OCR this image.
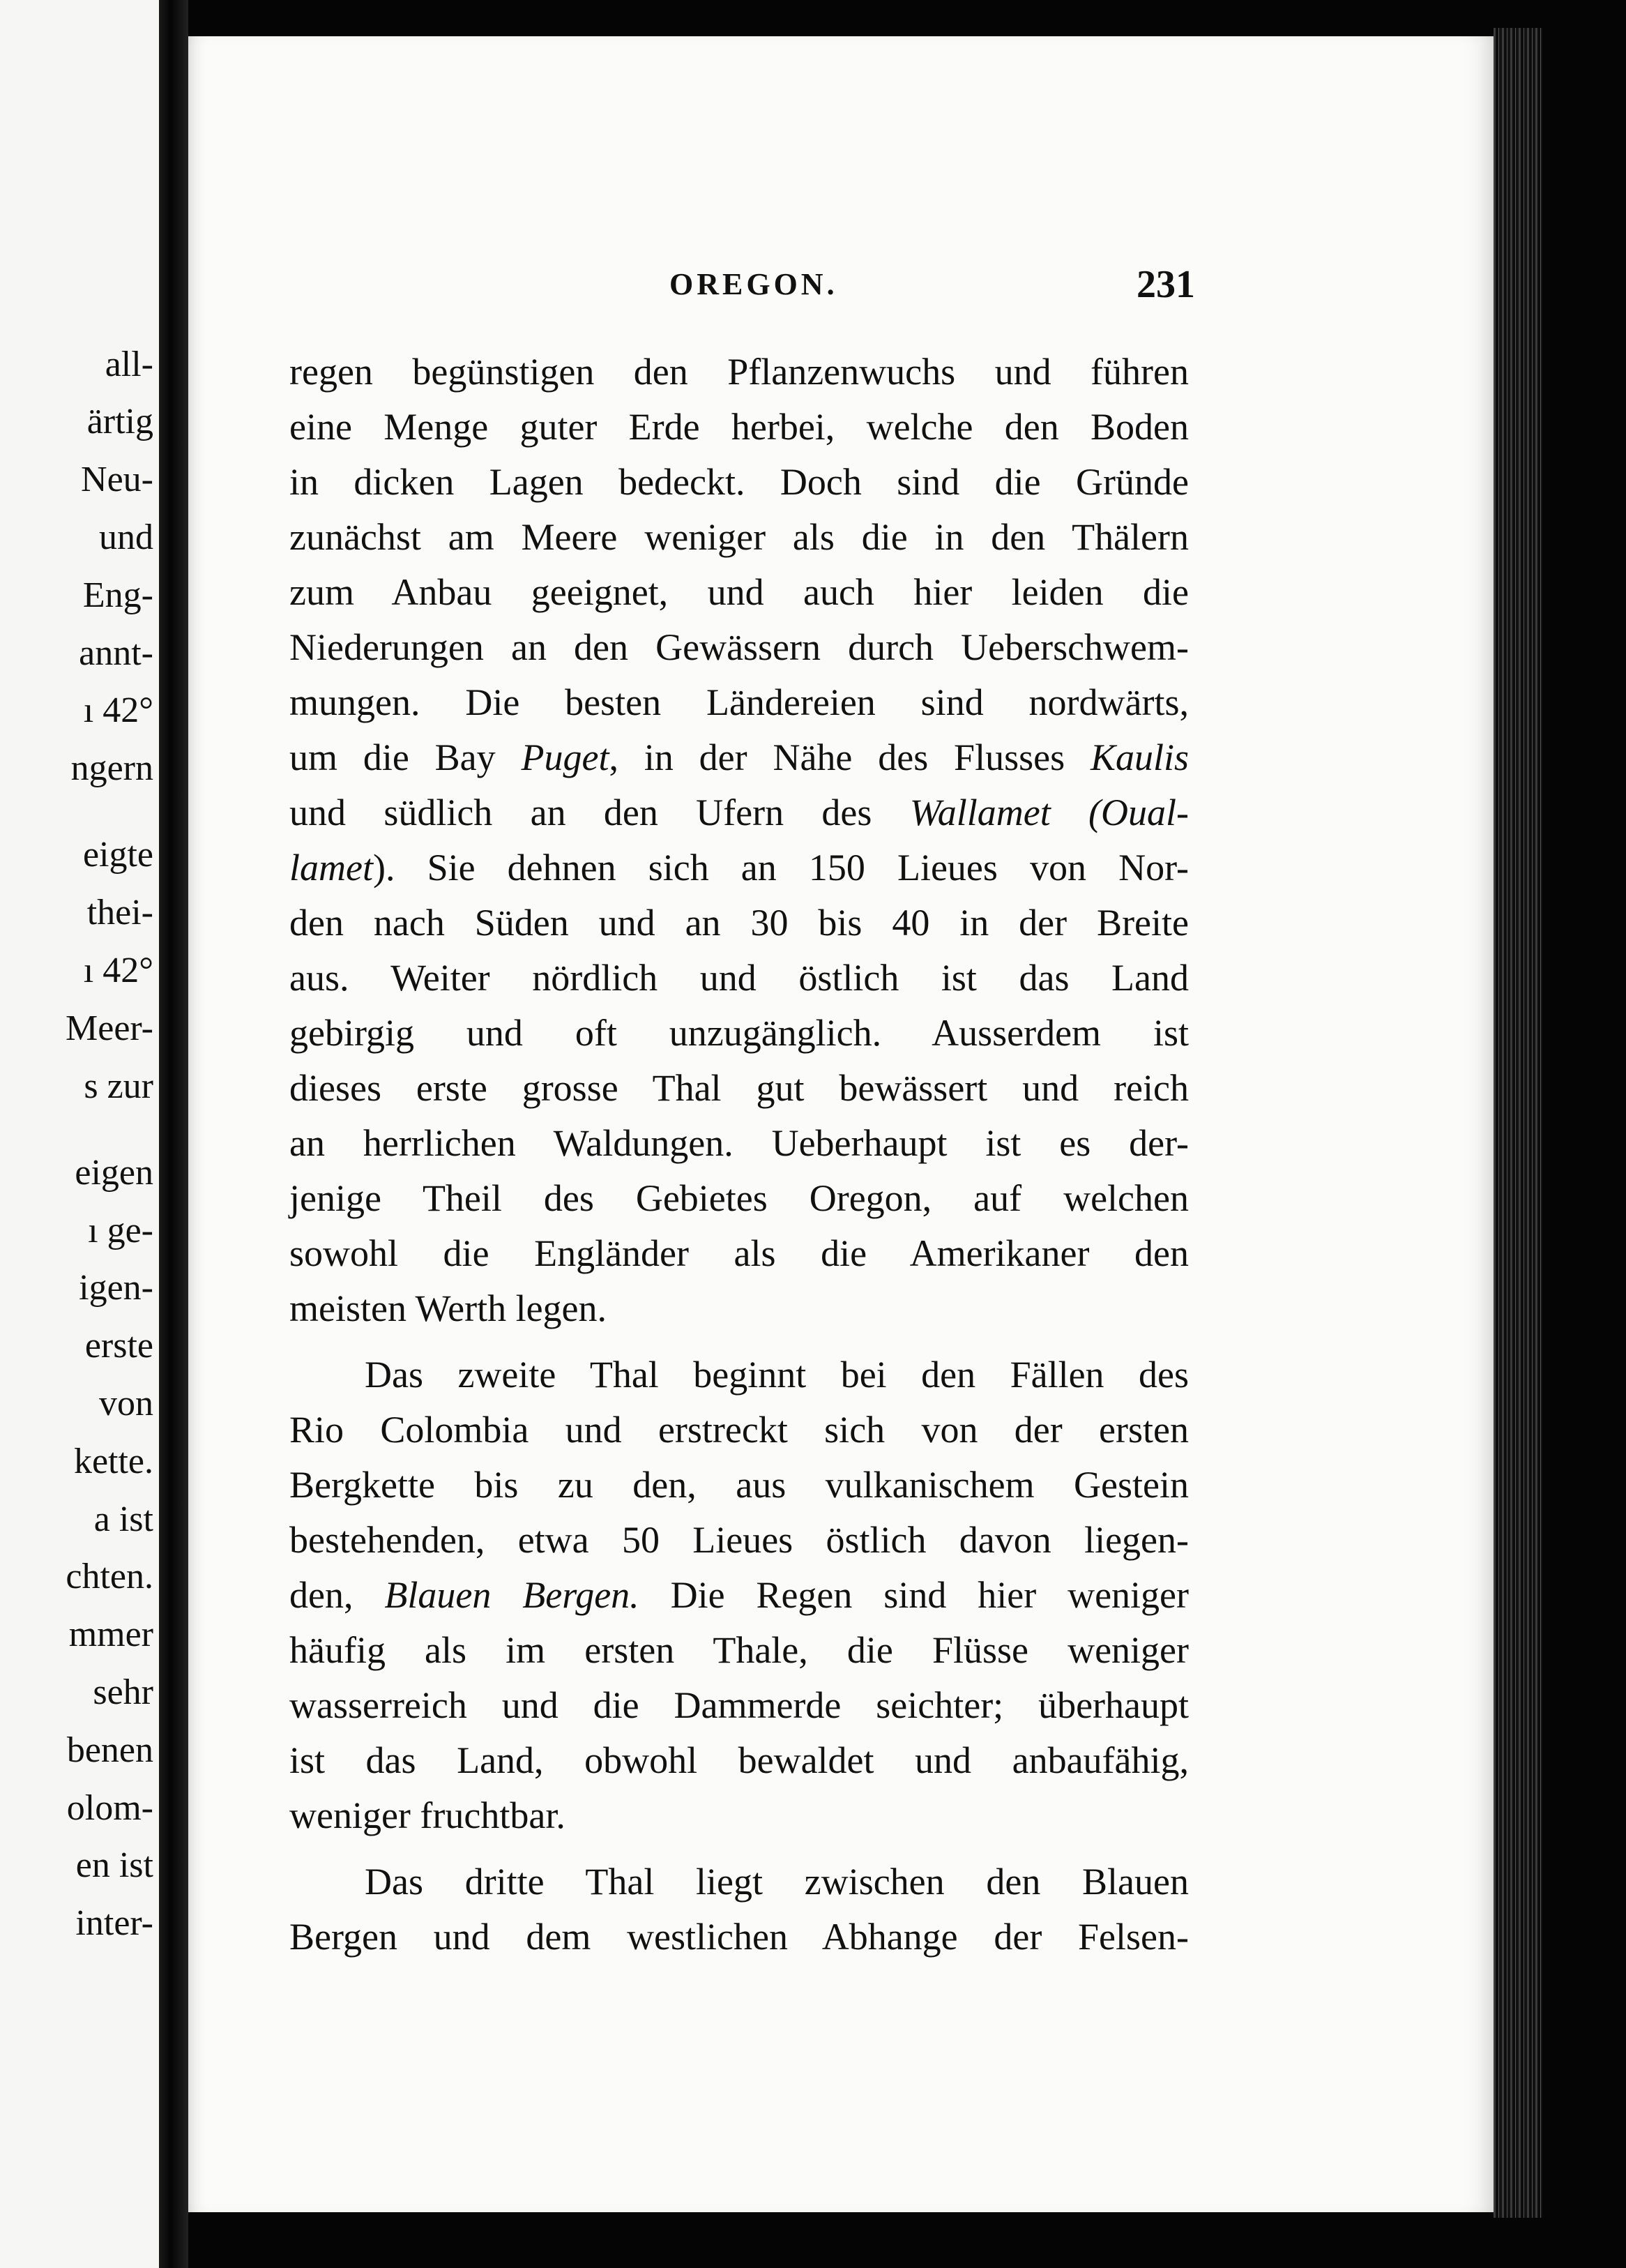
all-
ärtig
Neu-
und
Eng-
annt-
ı 42°
ngern
eigte
thei-
ı 42°
Meer-
s zur
eigen
ı ge-
igen-
erste
von
kette.
a ist
chten.
mmer
sehr
benen
olom-
en ist
inter-
OREGON.	231
regen begünstigen den Pflanzenwuchs und führen
eine Menge guter Erde herbei, welche den Boden
in dicken Lagen bedeckt. Doch sind die Gründe
zunächst am Meere weniger als die in den Thälern
zum Anbau geeignet, und auch hier leiden die
Niederungen an den Gewässern durch Ueberschwem-
mungen. Die besten Ländereien sind nordwärts,
um die Bay Puget, in der Nähe des Flusses Kaulis
und südlich an den Ufern des Wallamet (Oual-
lamet). Sie dehnen sich an 150 Lieues von Nor-
den nach Süden und an 30 bis 40 in der Breite
aus. Weiter nördlich und östlich ist das Land
gebirgig und oft unzugänglich. Ausserdem ist
dieses erste grosse Thal gut bewässert und reich
an herrlichen Waldungen. Ueberhaupt ist es der-
jenige Theil des Gebietes Oregon, auf welchen
sowohl die Engländer als die Amerikaner den
meisten Werth legen.
Das zweite Thal beginnt bei den Fällen des
Rio Colombia und erstreckt sich von der ersten
Bergkette bis zu den, aus vulkanischem Gestein
bestehenden, etwa 50 Lieues östlich davon liegen-
den, Blauen Bergen. Die Regen sind hier weniger
häufig als im ersten Thale, die Flüsse weniger
wasserreich und die Dammerde seichter; überhaupt
ist das Land, obwohl bewaldet und anbaufähig,
weniger fruchtbar.
Das dritte Thal liegt zwischen den Blauen
Bergen und dem westlichen Abhange der Felsen-
